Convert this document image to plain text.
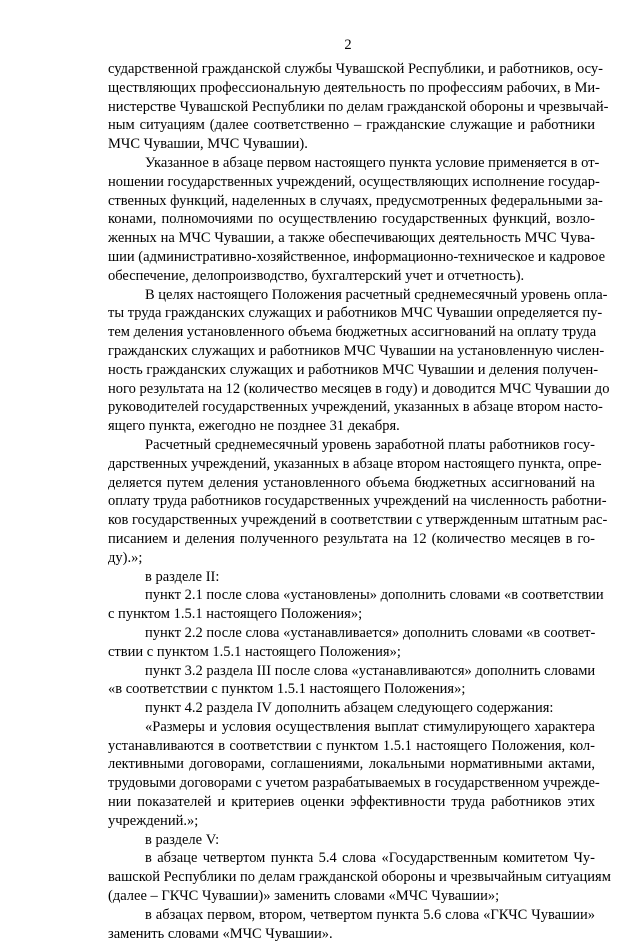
2
сударственной гражданской службы Чувашской Республики, и работников, осу-
ществляющих профессиональную деятельность по профессиям рабочих, в Ми-
нистерстве Чувашской Республики по делам гражданской обороны и чрезвычай-
ным ситуациям (далее соответственно – гражданские служащие и работники
МЧС Чувашии, МЧС Чувашии).
Указанное в абзаце первом настоящего пункта условие применяется в от-
ношении государственных учреждений, осуществляющих исполнение государ-
ственных функций, наделенных в случаях, предусмотренных федеральными за-
конами, полномочиями по осуществлению государственных функций, возло-
женных на МЧС Чувашии, а также обеспечивающих деятельность МЧС Чува-
шии (административно-хозяйственное, информационно-техническое и кадровое
обеспечение, делопроизводство, бухгалтерский учет и отчетность).
В целях настоящего Положения расчетный среднемесячный уровень опла-
ты труда гражданских служащих и работников МЧС Чувашии определяется пу-
тем деления установленного объема бюджетных ассигнований на оплату труда
гражданских служащих и работников МЧС Чувашии на установленную числен-
ность гражданских служащих и работников МЧС Чувашии и деления получен-
ного результата на 12 (количество месяцев в году) и доводится МЧС Чувашии до
руководителей государственных учреждений, указанных в абзаце втором насто-
ящего пункта, ежегодно не позднее 31 декабря.
Расчетный среднемесячный уровень заработной платы работников госу-
дарственных учреждений, указанных в абзаце втором настоящего пункта, опре-
деляется путем деления установленного объема бюджетных ассигнований на
оплату труда работников государственных учреждений на численность работни-
ков государственных учреждений в соответствии с утвержденным штатным рас-
писанием и деления полученного результата на 12 (количество месяцев в го-
ду).»;
в разделе II:
пункт 2.1 после слова «установлены» дополнить словами «в соответствии
с пунктом 1.5.1 настоящего Положения»;
пункт 2.2 после слова «устанавливается» дополнить словами «в соответ-
ствии с пунктом 1.5.1 настоящего Положения»;
пункт 3.2 раздела III после слова «устанавливаются» дополнить словами
«в соответствии с пунктом 1.5.1 настоящего Положения»;
пункт 4.2 раздела IV дополнить абзацем следующего содержания:
«Размеры и условия осуществления выплат стимулирующего характера
устанавливаются в соответствии с пунктом 1.5.1 настоящего Положения, кол-
лективными договорами, соглашениями, локальными нормативными актами,
трудовыми договорами с учетом разрабатываемых в государственном учрежде-
нии показателей и критериев оценки эффективности труда работников этих
учреждений.»;
в разделе V:
в абзаце четвертом пункта 5.4 слова «Государственным комитетом Чу-
вашской Республики по делам гражданской обороны и чрезвычайным ситуациям
(далее – ГКЧС Чувашии)» заменить словами «МЧС Чувашии»;
в абзацах первом, втором, четвертом пункта 5.6 слова «ГКЧС Чувашии»
заменить словами «МЧС Чувашии».
